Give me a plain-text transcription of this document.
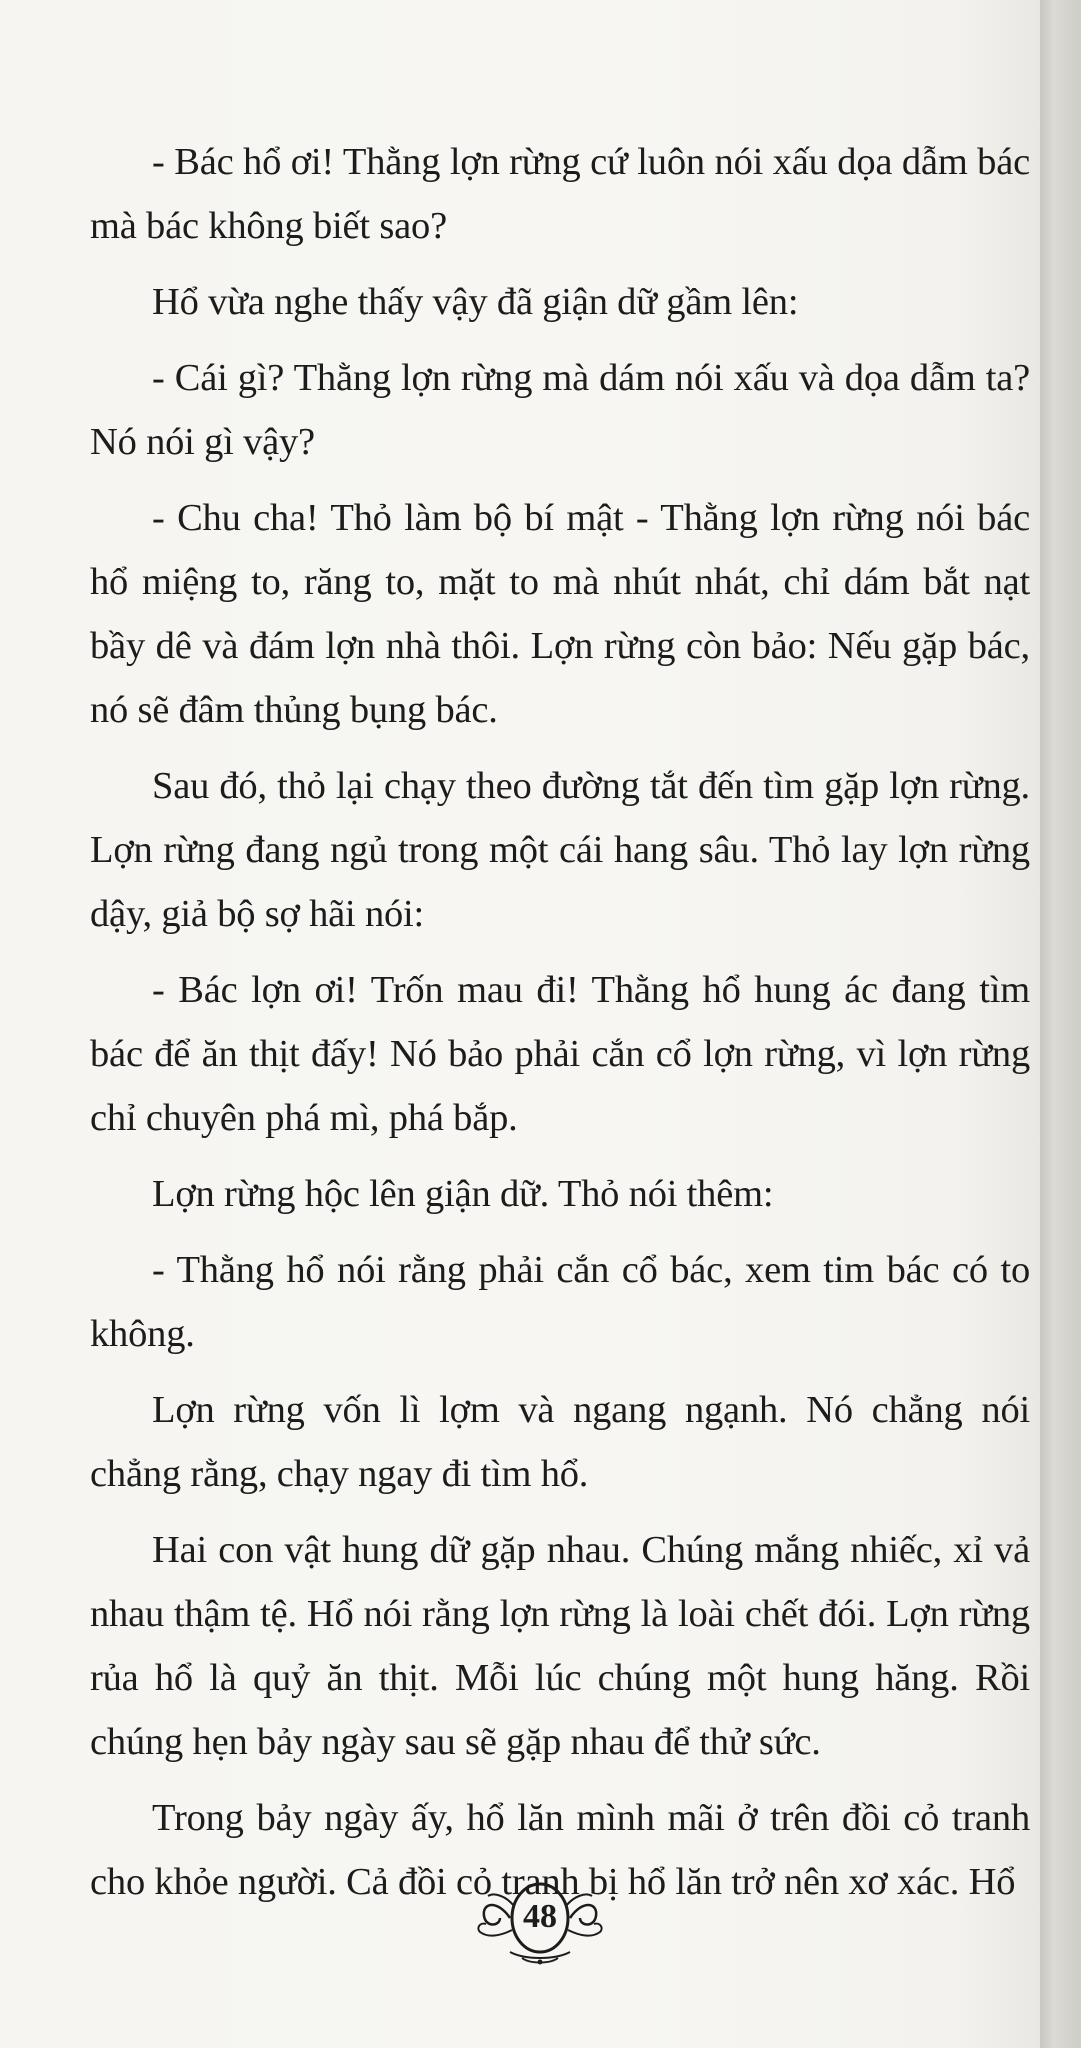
- Bác hổ ơi! Thằng lợn rừng cứ luôn nói xấu dọa dẫm bác mà bác không biết sao?

Hổ vừa nghe thấy vậy đã giận dữ gầm lên:

- Cái gì? Thằng lợn rừng mà dám nói xấu và dọa dẫm ta? Nó nói gì vậy?

- Chu cha! Thỏ làm bộ bí mật - Thằng lợn rừng nói bác hổ miệng to, răng to, mặt to mà nhút nhát, chỉ dám bắt nạt bầy dê và đám lợn nhà thôi. Lợn rừng còn bảo: Nếu gặp bác, nó sẽ đâm thủng bụng bác.

Sau đó, thỏ lại chạy theo đường tắt đến tìm gặp lợn rừng. Lợn rừng đang ngủ trong một cái hang sâu. Thỏ lay lợn rừng dậy, giả bộ sợ hãi nói:

- Bác lợn ơi! Trốn mau đi! Thằng hổ hung ác đang tìm bác để ăn thịt đấy! Nó bảo phải cắn cổ lợn rừng, vì lợn rừng chỉ chuyên phá mì, phá bắp.

Lợn rừng hộc lên giận dữ. Thỏ nói thêm:

- Thằng hổ nói rằng phải cắn cổ bác, xem tim bác có to không.

Lợn rừng vốn lì lợm và ngang ngạnh. Nó chẳng nói chẳng rằng, chạy ngay đi tìm hổ.

Hai con vật hung dữ gặp nhau. Chúng mắng nhiếc, xỉ vả nhau thậm tệ. Hổ nói rằng lợn rừng là loài chết đói. Lợn rừng rủa hổ là quỷ ăn thịt. Mỗi lúc chúng một hung hăng. Rồi chúng hẹn bảy ngày sau sẽ gặp nhau để thử sức.

Trong bảy ngày ấy, hổ lăn mình mãi ở trên đồi cỏ tranh cho khỏe người. Cả đồi cỏ tranh bị hổ lăn trở nên xơ xác. Hổ

48
